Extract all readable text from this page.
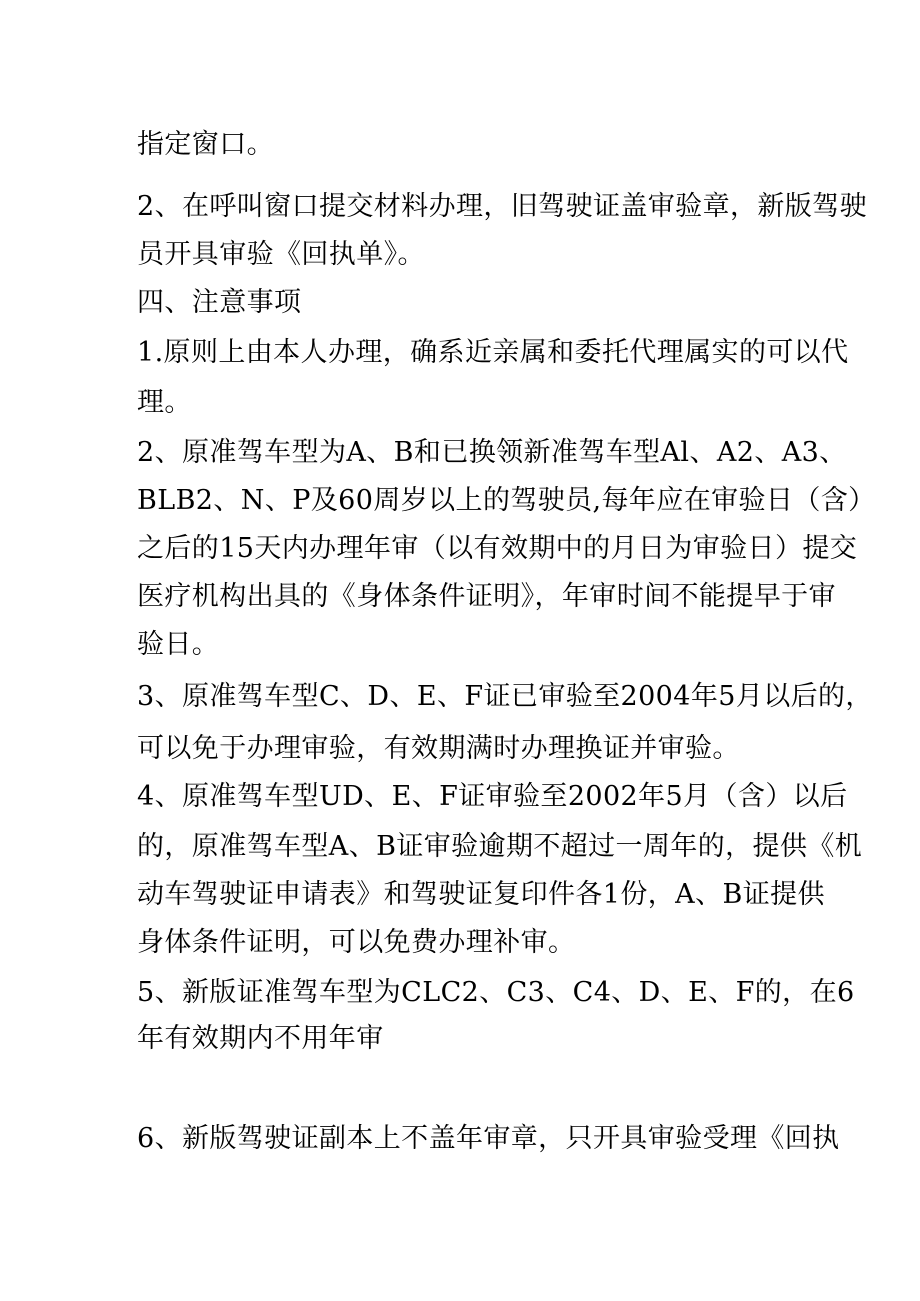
指定窗口。
2、在呼叫窗口提交材料办理，旧驾驶证盖审验章，新版驾驶
员开具审验《回执单》。
四、注意事项
1.原则上由本人办理，确系近亲属和委托代理属实的可以代
理。
2、原准驾车型为A、B和已换领新准驾车型Al、A2、A3、
BLB2、N、P及60周岁以上的驾驶员,每年应在审验日（含）
之后的15天内办理年审（以有效期中的月日为审验日）提交
医疗机构出具的《身体条件证明》，年审时间不能提早于审
验日。
3、原准驾车型C、D、E、F证已审验至2004年5月以后的，
可以免于办理审验，有效期满时办理换证并审验。
4、原准驾车型UD、E、F证审验至2002年5月（含）以后
的，原准驾车型A、B证审验逾期不超过一周年的，提供《机
动车驾驶证申请表》和驾驶证复印件各1份，A、B证提供
身体条件证明，可以免费办理补审。
5、新版证准驾车型为CLC2、C3、C4、D、E、F的，在6
年有效期内不用年审
6、新版驾驶证副本上不盖年审章，只开具审验受理《回执
